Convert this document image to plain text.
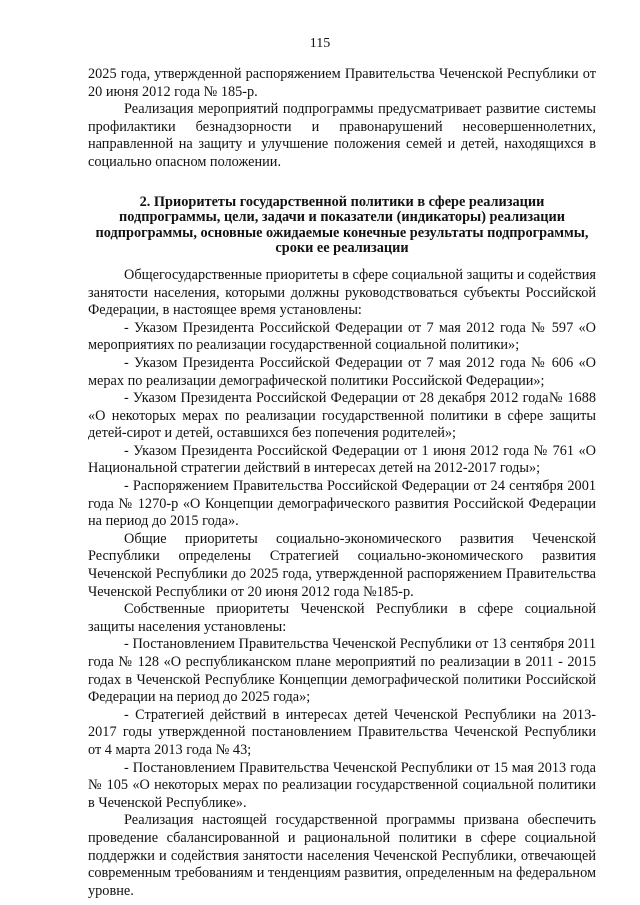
115

2025 года, утвержденной распоряжением Правительства Чеченской Республики от 20 июня 2012 года № 185-р.

Реализация мероприятий подпрограммы предусматривает развитие системы профилактики безнадзорности и правонарушений несовершеннолетних, направленной на защиту и улучшение положения семей и детей, находящихся в социально опасном положении.

2. Приоритеты государственной политики в сфере реализации подпрограммы, цели, задачи и показатели (индикаторы) реализации подпрограммы, основные ожидаемые конечные результаты подпрограммы, сроки ее реализации

Общегосударственные приоритеты в сфере социальной защиты и содействия занятости населения, которыми должны руководствоваться субъекты Российской Федерации, в настоящее время установлены:

- Указом Президента Российской Федерации от 7 мая 2012 года № 597 «О мероприятиях по реализации государственной социальной политики»;

- Указом Президента Российской Федерации от 7 мая 2012 года № 606 «О мерах по реализации демографической политики Российской Федерации»;

- Указом Президента Российской Федерации от 28 декабря 2012 года№ 1688 «О некоторых мерах по реализации государственной политики в сфере защиты детей-сирот и детей, оставшихся без попечения родителей»;

- Указом Президента Российской Федерации от 1 июня 2012 года № 761 «О Национальной стратегии действий в интересах детей на 2012-2017 годы»;

- Распоряжением Правительства Российской Федерации от 24 сентября 2001 года № 1270-р «О Концепции демографического развития Российской Федерации на период до 2015 года».

Общие приоритеты социально-экономического развития Чеченской Республики определены Стратегией социально-экономического развития Чеченской Республики до 2025 года, утвержденной распоряжением Правительства Чеченской Республики от 20 июня 2012 года №185-р.

Собственные приоритеты Чеченской Республики в сфере социальной защиты населения установлены:

- Постановлением Правительства Чеченской Республики от 13 сентября 2011 года № 128 «О республиканском плане мероприятий по реализации в 2011 - 2015 годах в Чеченской Республике Концепции демографической политики Российской Федерации на период до 2025 года»;

- Стратегией действий в интересах детей Чеченской Республики на 2013-2017 годы утвержденной постановлением Правительства Чеченской Республики от 4 марта 2013 года № 43;

- Постановлением Правительства Чеченской Республики от 15 мая 2013 года № 105 «О некоторых мерах по реализации государственной социальной политики в Чеченской Республике».

Реализация настоящей государственной программы призвана обеспечить проведение сбалансированной и рациональной политики в сфере социальной поддержки и содействия занятости населения Чеченской Республики, отвечающей современным требованиям и тенденциям развития, определенным на федеральном уровне.
